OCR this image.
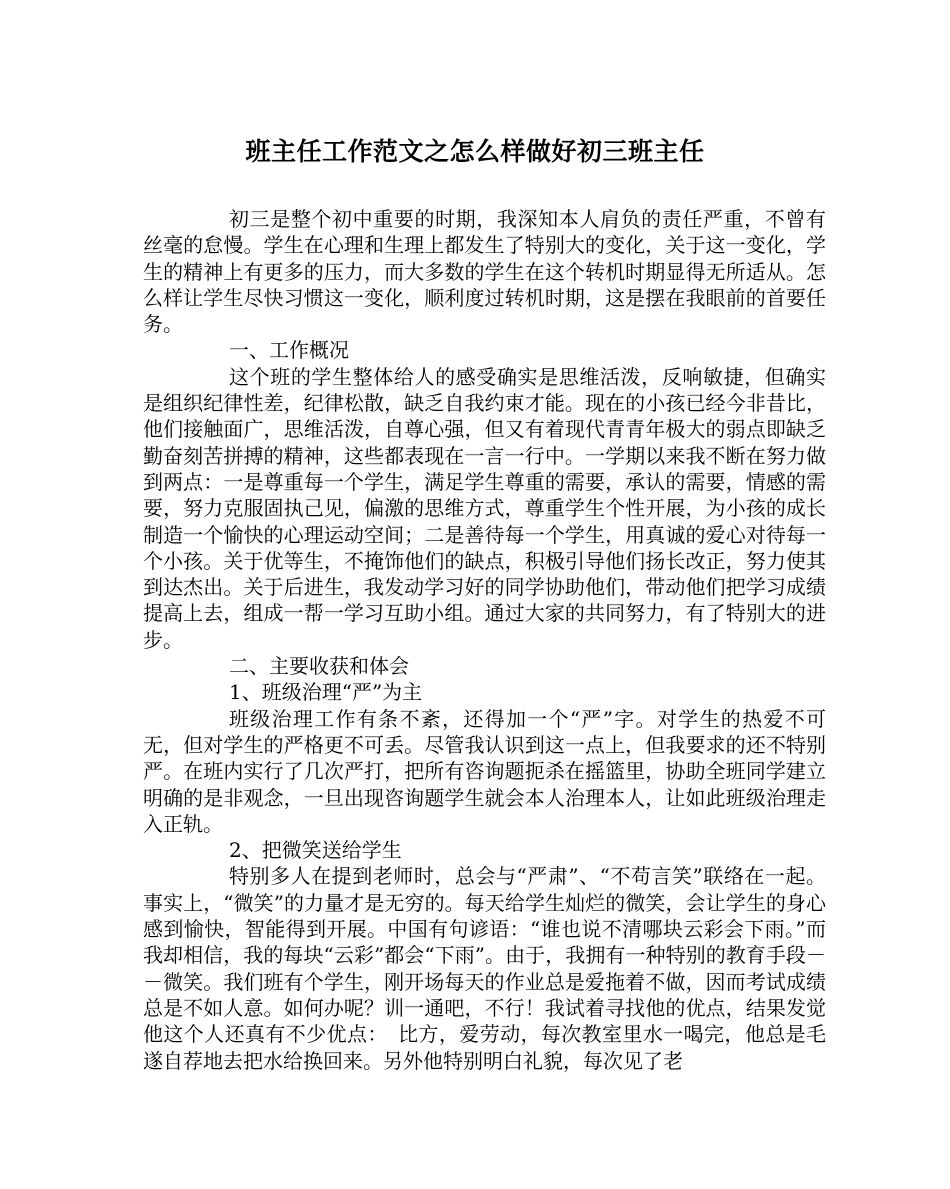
班主任工作范文之怎么样做好初三班主任

初三是整个初中重要的时期，我深知本人肩负的责任严重，不曾有丝毫的怠慢。学生在心理和生理上都发生了特别大的变化，关于这一变化，学生的精神上有更多的压力，而大多数的学生在这个转机时期显得无所适从。怎么样让学生尽快习惯这一变化，顺利度过转机时期，这是摆在我眼前的首要任务。

一、工作概况

这个班的学生整体给人的感受确实是思维活泼，反响敏捷，但确实是组织纪律性差，纪律松散，缺乏自我约束才能。现在的小孩已经今非昔比，他们接触面广，思维活泼，自尊心强，但又有着现代青青年极大的弱点即缺乏勤奋刻苦拼搏的精神，这些都表现在一言一行中。一学期以来我不断在努力做到两点：一是尊重每一个学生，满足学生尊重的需要，承认的需要，情感的需要，努力克服固执己见，偏激的思维方式，尊重学生个性开展，为小孩的成长制造一个愉快的心理运动空间；二是善待每一个学生，用真诚的爱心对待每一个小孩。关于优等生，不掩饰他们的缺点，积极引导他们扬长改正，努力使其到达杰出。关于后进生，我发动学习好的同学协助他们，带动他们把学习成绩提高上去，组成一帮一学习互助小组。通过大家的共同努力，有了特别大的进步。

二、主要收获和体会

1、班级治理“严”为主

班级治理工作有条不紊，还得加一个“严”字。对学生的热爱不可无，但对学生的严格更不可丢。尽管我认识到这一点上，但我要求的还不特别严。在班内实行了几次严打，把所有咨询题扼杀在摇篮里，协助全班同学建立明确的是非观念，一旦出现咨询题学生就会本人治理本人，让如此班级治理走入正轨。

2、把微笑送给学生

特别多人在提到老师时，总会与“严肃”、“不苟言笑”联络在一起。事实上，“微笑”的力量才是无穷的。每天给学生灿烂的微笑，会让学生的身心感到愉快，智能得到开展。中国有句谚语：“谁也说不清哪块云彩会下雨。”而我却相信，我的每块“云彩”都会“下雨”。由于，我拥有一种特别的教育手段－－微笑。我们班有个学生，刚开场每天的作业总是爱拖着不做，因而考试成绩总是不如人意。如何办呢？训一通吧，不行！我试着寻找他的优点，结果发觉他这个人还真有不少优点：　比方，爱劳动，每次教室里水一喝完，他总是毛遂自荐地去把水给换回来。另外他特别明白礼貌，每次见了老
